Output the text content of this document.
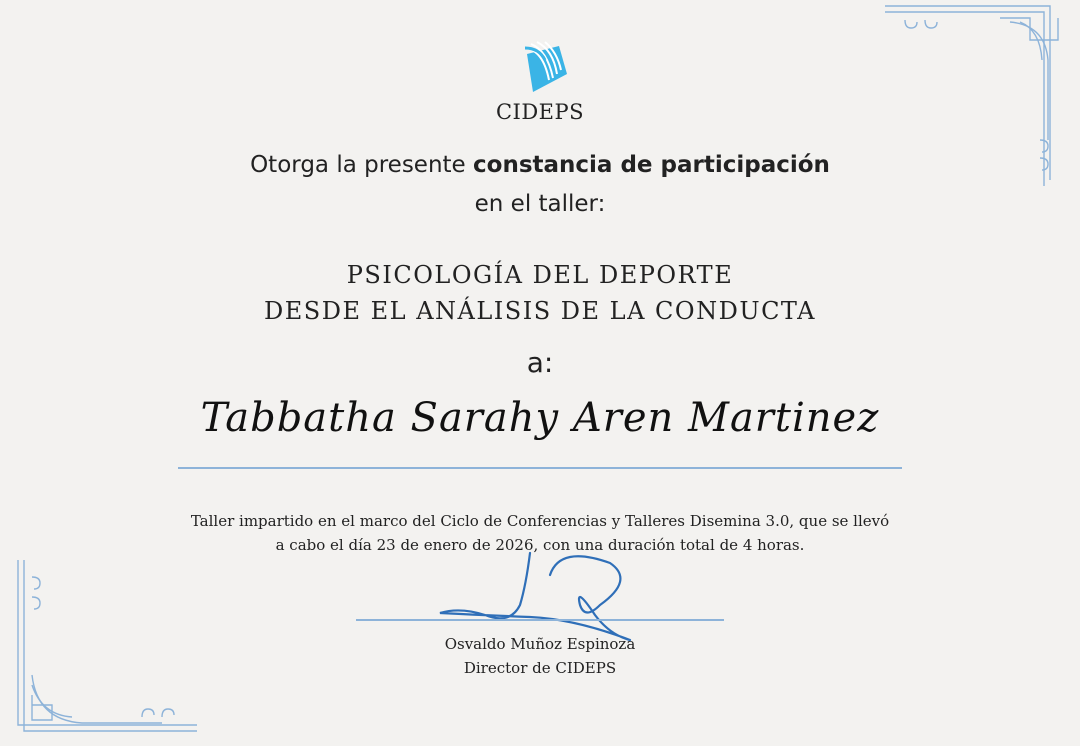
CIDEPS
Otorga la presente constancia de participación
en el taller:
PSICOLOGÍA DEL DEPORTE
DESDE EL ANÁLISIS DE LA CONDUCTA
a:
Tabbatha Sarahy Aren Martinez
Taller impartido en el marco del Ciclo de Conferencias y Talleres Disemina 3.0, que se llevó
a cabo el día 23 de enero de 2026, con una duración total de 4 horas.
Osvaldo Muñoz Espinoza
Director de CIDEPS
